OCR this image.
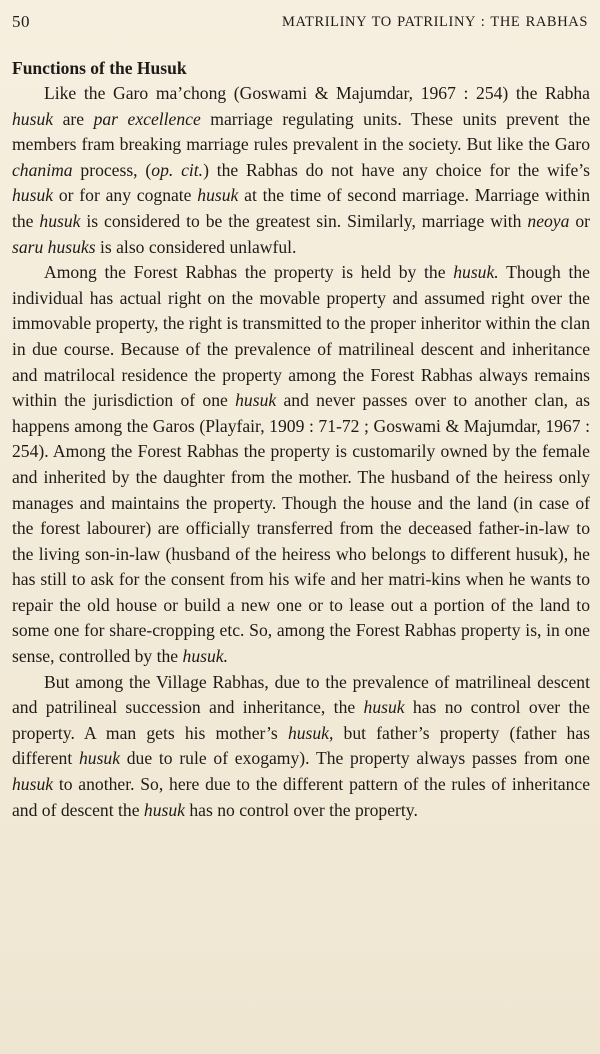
50	MATRILINY TO PATRILINY : THE RABHAS
Functions of the Husuk

Like the Garo ma’chong (Goswami & Majumdar, 1967 : 254) the Rabha husuk are par excellence marriage regulating units. These units prevent the members fram breaking marriage rules prevalent in the society. But like the Garo chanima process, (op. cit.) the Rabhas do not have any choice for the wife’s husuk or for any cognate husuk at the time of second marriage. Marriage within the husuk is considered to be the greatest sin. Similarly, marriage with neoya or saru husuks is also considered unlawful.

Among the Forest Rabhas the property is held by the husuk. Though the individual has actual right on the movable property and assumed right over the immovable property, the right is transmitted to the proper inheritor within the clan in due course. Because of the prevalence of matrilineal descent and inheritance and matrilocal residence the property among the Forest Rabhas always remains within the jurisdiction of one husuk and never passes over to another clan, as happens among the Garos (Playfair, 1909 : 71-72 ; Goswami & Majumdar, 1967 : 254). Among the Forest Rabhas the property is customarily owned by the female and inherited by the daughter from the mother. The husband of the heiress only manages and maintains the property. Though the house and the land (in case of the forest labourer) are officially transferred from the deceased father-in-law to the living son-in-law (husband of the heiress who belongs to different husuk), he has still to ask for the consent from his wife and her matri-kins when he wants to repair the old house or build a new one or to lease out a portion of the land to some one for share-cropping etc. So, among the Forest Rabhas property is, in one sense, controlled by the husuk.

But among the Village Rabhas, due to the prevalence of matrilineal descent and patrilineal succession and inheritance, the husuk has no control over the property. A man gets his mother’s husuk, but father’s property (father has different husuk due to rule of exogamy). The property always passes from one husuk to another. So, here due to the different pattern of the rules of inheritance and of descent the husuk has no control over the property.
